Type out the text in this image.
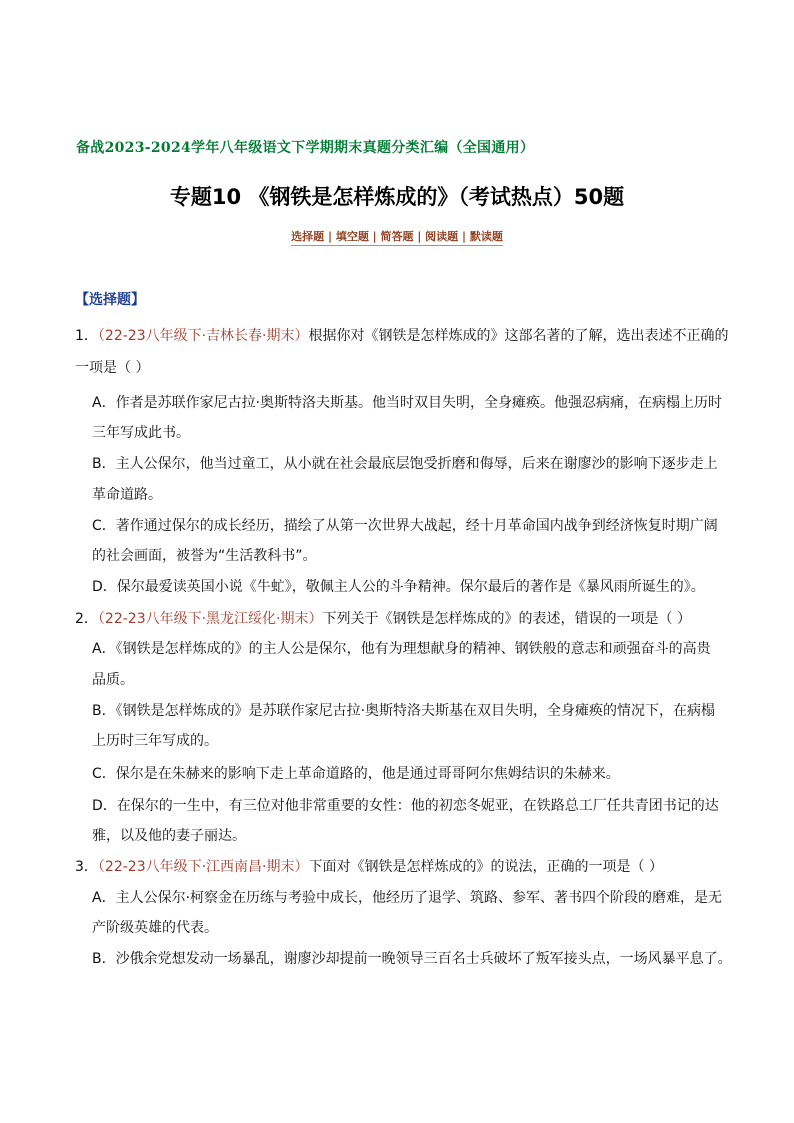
备战2023-2024学年八年级语文下学期期末真题分类汇编（全国通用）
专题10 《钢铁是怎样炼成的》（考试热点）50题
选择题 | 填空题 | 简答题 | 阅读题 | 默读题
【选择题】
1．（22-23八年级下·吉林长春·期末）根据你对《钢铁是怎样炼成的》这部名著的了解，选出表述不正确的
一项是（ ）
A．作者是苏联作家尼古拉·奥斯特洛夫斯基。他当时双目失明，全身瘫痪。他强忍病痛，在病榻上历时
三年写成此书。
B．主人公保尔，他当过童工，从小就在社会最底层饱受折磨和侮辱，后来在谢廖沙的影响下逐步走上
革命道路。
C．著作通过保尔的成长经历，描绘了从第一次世界大战起，经十月革命国内战争到经济恢复时期广阔
的社会画面，被誉为“生活教科书”。
D．保尔最爱读英国小说《牛虻》，敬佩主人公的斗争精神。保尔最后的著作是《暴风雨所诞生的》。
2．（22-23八年级下·黑龙江绥化·期末）下列关于《钢铁是怎样炼成的》的表述，错误的一项是（ ）
A．《钢铁是怎样炼成的》的主人公是保尔，他有为理想献身的精神、钢铁般的意志和顽强奋斗的高贵
品质。
B．《钢铁是怎样炼成的》是苏联作家尼古拉·奥斯特洛夫斯基在双目失明，全身瘫痪的情况下，在病榻
上历时三年写成的。
C．保尔是在朱赫来的影响下走上革命道路的，他是通过哥哥阿尔焦姆结识的朱赫来。
D．在保尔的一生中，有三位对他非常重要的女性：他的初恋冬妮亚，在铁路总工厂任共青团书记的达
雅，以及他的妻子丽达。
3．（22-23八年级下·江西南昌·期末）下面对《钢铁是怎样炼成的》的说法，正确的一项是（ ）
A．主人公保尔·柯察金在历练与考验中成长，他经历了退学、筑路、参军、著书四个阶段的磨难，是无
产阶级英雄的代表。
B．沙俄余党想发动一场暴乱，谢廖沙却提前一晚领导三百名士兵破坏了叛军接头点，一场风暴平息了。
